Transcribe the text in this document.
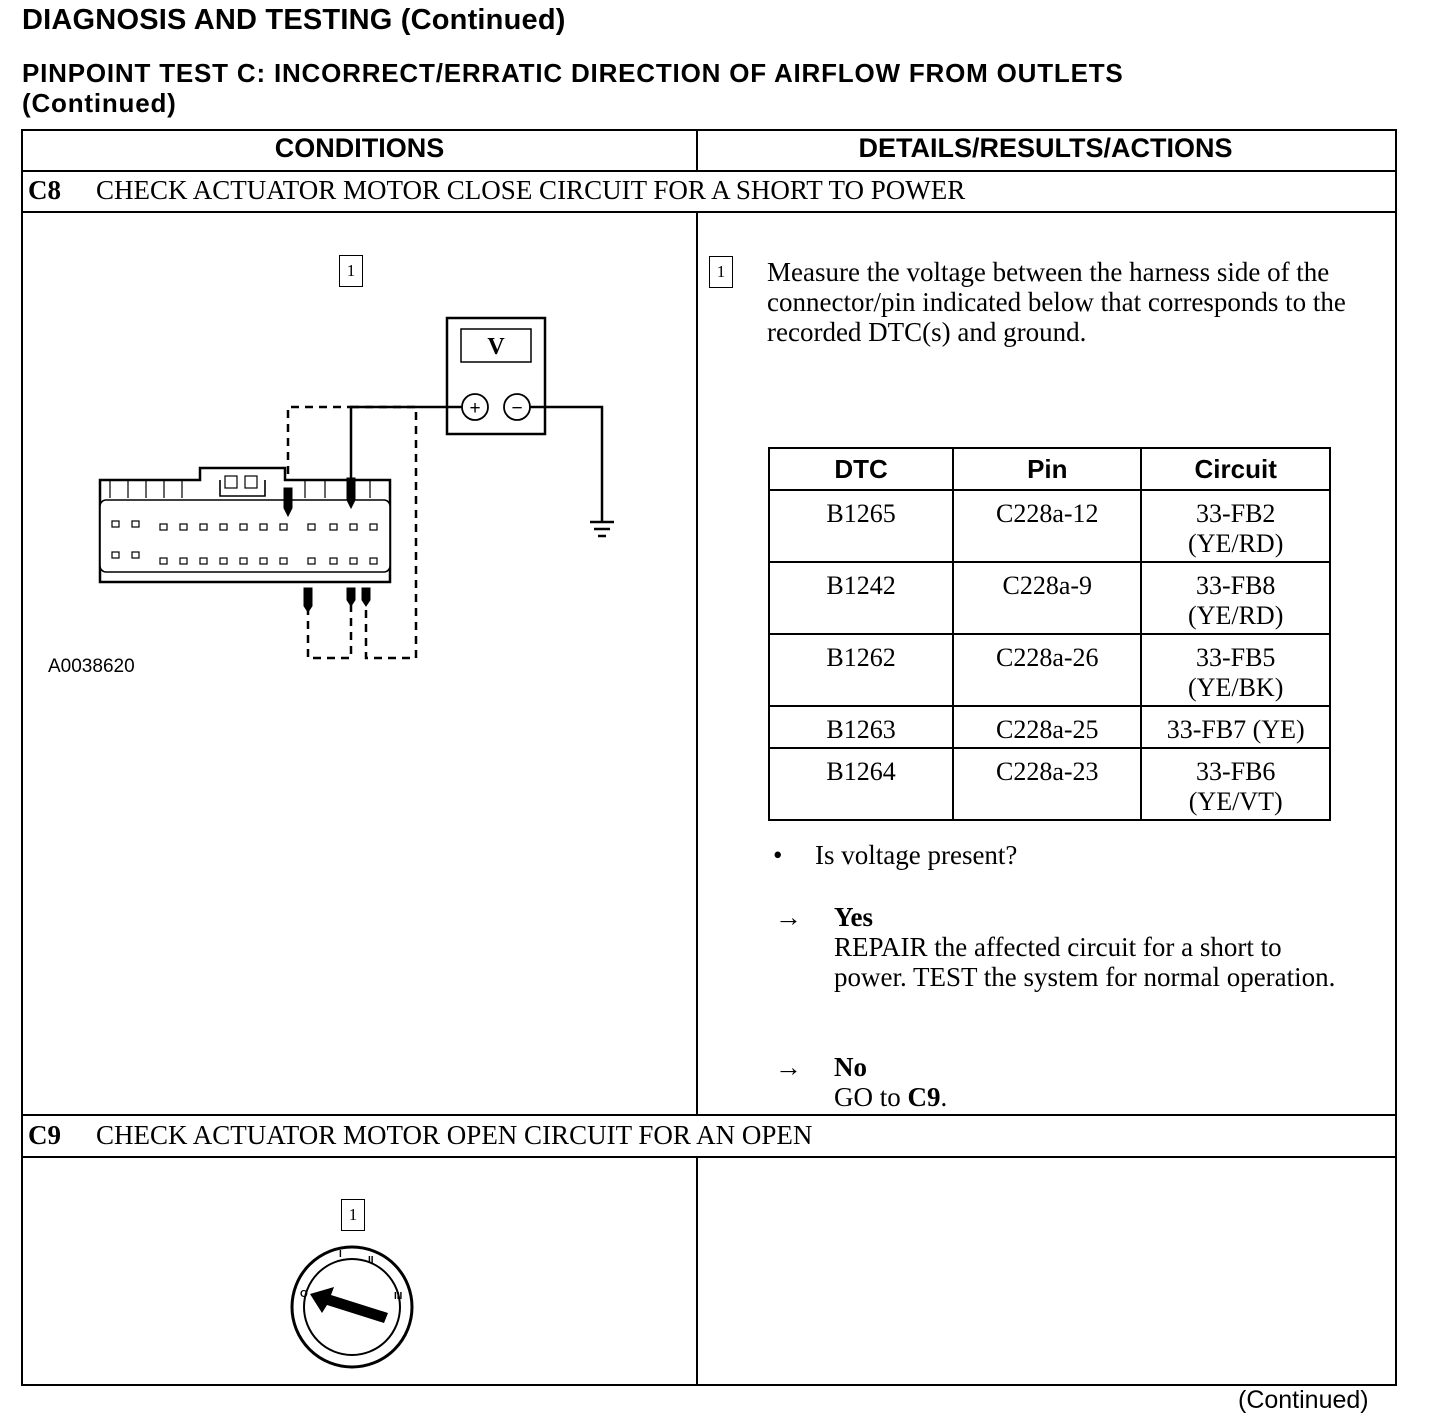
DIAGNOSIS AND TESTING (Continued)
PINPOINT TEST C: INCORRECT/ERRATIC DIRECTION OF AIRFLOW FROM OUTLETS
(Continued)
CONDITIONS	DETAILS/RESULTS/ACTIONS
C8 CHECK ACTUATOR MOTOR CLOSE CIRCUIT FOR A SHORT TO POWER
1
V
+ −
A0038620
1 Measure the voltage between the harness side of the connector/pin indicated below that corresponds to the recorded DTC(s) and ground.
DTC	Pin	Circuit
B1265	C228a-12	33-FB2 (YE/RD)
B1242	C228a-9	33-FB8 (YE/RD)
B1262	C228a-26	33-FB5 (YE/BK)
B1263	C228a-25	33-FB7 (YE)
B1264	C228a-23	33-FB6 (YE/VT)
• Is voltage present?
→	Yes
REPAIR the affected circuit for a short to power. TEST the system for normal operation.
→	No
GO to C9.
C9 CHECK ACTUATOR MOTOR OPEN CIRCUIT FOR AN OPEN
1
O
I
II
III
(Continued)
